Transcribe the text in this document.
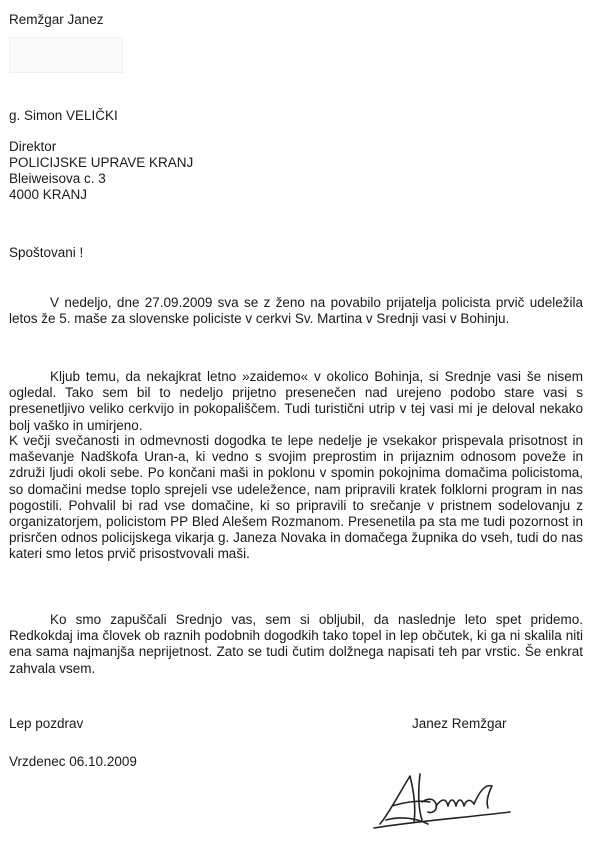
Remžgar Janez
g. Simon VELIČKI
Direktor
POLICIJSKE UPRAVE KRANJ
Bleiweisova c. 3
4000 KRANJ
Spoštovani !

V nedeljo, dne 27.09.2009 sva se z ženo na povabilo prijatelja policista prvič udeležila letos že 5. maše za slovenske policiste v cerkvi Sv. Martina v Srednji vasi v Bohinju.

Kljub temu, da nekajkrat letno »zaidemo« v okolico Bohinja, si Srednje vasi še nisem ogledal. Tako sem bil to nedeljo prijetno presenečen nad urejeno podobo stare vasi s presenetljivo veliko cerkvijo in pokopališčem. Tudi turistični utrip v tej vasi mi je deloval nekako bolj vaško in umirjeno.

K večji svečanosti in odmevnosti dogodka te lepe nedelje je vsekakor prispevala prisotnost in maševanje Nadškofa Uran-a, ki vedno s svojim preprostim in prijaznim odnosom poveže in združi ljudi okoli sebe. Po končani maši in poklonu v spomin pokojnima domačima policistoma, so domačini medse toplo sprejeli vse udeležence, nam pripravili kratek folklorni program in nas pogostili. Pohvalil bi rad vse domačine, ki so pripravili to srečanje v pristnem sodelovanju z organizatorjem, policistom PP Bled Alešem Rozmanom. Presenetila pa sta me tudi pozornost in prisrčen odnos policijskega vikarja g. Janeza Novaka in domačega župnika do vseh, tudi do nas kateri smo letos prvič prisostvovali maši.

Ko smo zapuščali Srednjo vas, sem si obljubil, da naslednje leto spet pridemo. Redkokdaj ima človek ob raznih podobnih dogodkih tako topel in lep občutek, ki ga ni skalila niti ena sama najmanjša neprijetnost. Zato se tudi čutim dolžnega napisati teh par vrstic. Še enkrat zahvala vsem.

Lep pozdrav	Janez Remžgar
Vrzdenec 06.10.2009
